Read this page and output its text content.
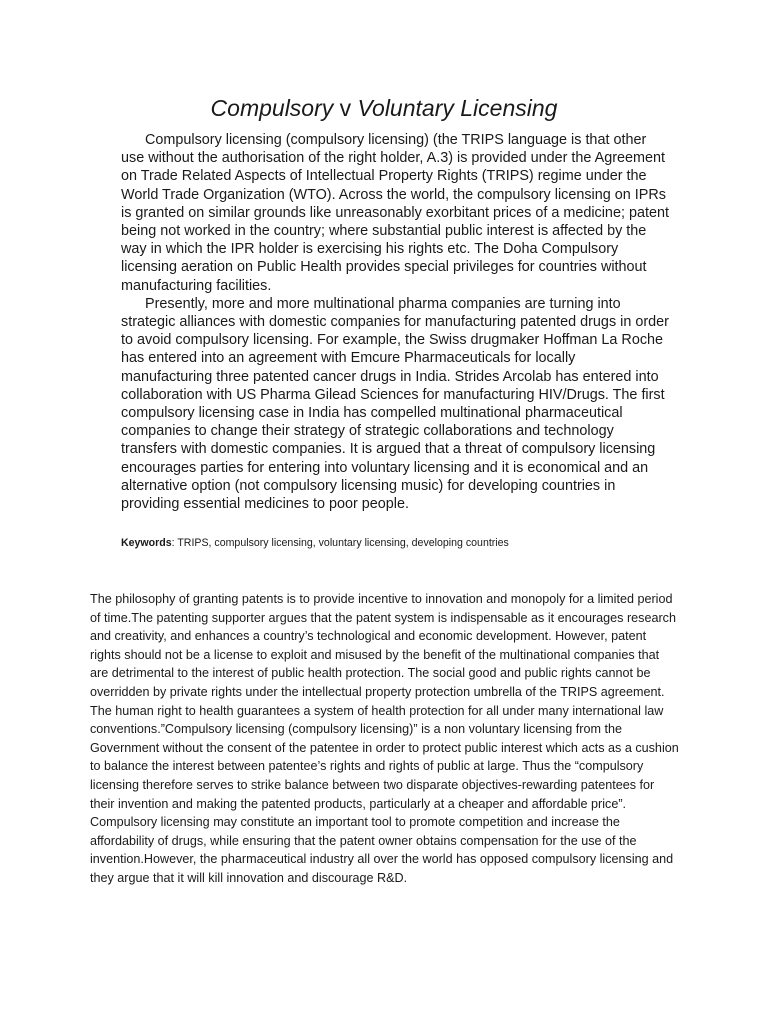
Compulsory v Voluntary Licensing

Compulsory licensing (compulsory licensing) (the TRIPS language is that other use without the authorisation of the right holder, A.3) is provided under the Agreement on Trade Related Aspects of Intellectual Property Rights (TRIPS) regime under the World Trade Organization (WTO). Across the world, the compulsory licensing on IPRs is granted on similar grounds like unreasonably exorbitant prices of a medicine; patent being not worked in the country; where substantial public interest is affected by the way in which the IPR holder is exercising his rights etc. The Doha Compulsory licensing aeration on Public Health provides special privileges for countries without manufacturing facilities.

Presently, more and more multinational pharma companies are turning into strategic alliances with domestic companies for manufacturing patented drugs in order to avoid compulsory licensing. For example, the Swiss drugmaker Hoffman La Roche has entered into an agreement with Emcure Pharmaceuticals for locally manufacturing three patented cancer drugs in India. Strides Arcolab has entered into collaboration with US Pharma Gilead Sciences for manufacturing HIV/Drugs. The first compulsory licensing case in India has compelled multinational pharmaceutical companies to change their strategy of strategic collaborations and technology transfers with domestic companies. It is argued that a threat of compulsory licensing encourages parties for entering into voluntary licensing and it is economical and an alternative option (not compulsory licensing music) for developing countries in providing essential medicines to poor people.

Keywords: TRIPS, compulsory licensing, voluntary licensing, developing countries

The philosophy of granting patents is to provide incentive to innovation and monopoly for a limited period of time.The patenting supporter argues that the patent system is indispensable as it encourages research and creativity, and enhances a country’s technological and economic development. However, patent rights should not be a license to exploit and misused by the benefit of the multinational companies that are detrimental to the interest of public health protection. The social good and public rights cannot be overridden by private rights under the intellectual property protection umbrella of the TRIPS agreement. The human right to health guarantees a system of health protection for all under many international law conventions.”Compulsory licensing (compulsory licensing)” is a non voluntary licensing from the Government without the consent of the patentee in order to protect public interest which acts as a cushion to balance the interest between patentee’s rights and rights of public at large. Thus the “compulsory licensing therefore serves to strike balance between two disparate objectives-rewarding patentees for their invention and making the patented products, particularly at a cheaper and affordable price”. Compulsory licensing may constitute an important tool to promote competition and increase the affordability of drugs, while ensuring that the patent owner obtains compensation for the use of the invention.However, the pharmaceutical industry all over the world has opposed compulsory licensing and they argue that it will kill innovation and discourage R&D.
